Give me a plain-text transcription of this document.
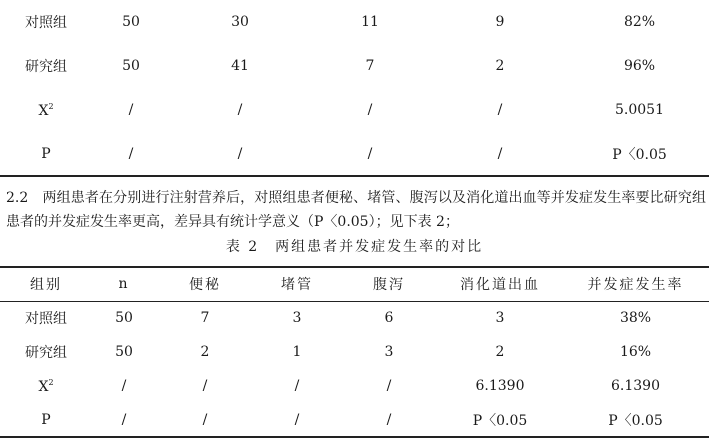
对照组	50	30	11	9	82%
研究组	50	41	7	2	96%
$X^2$	/	/	/	/	5.0051
P	/	/	/	/	P〈0.05
2.2　两组患者在分别进行注射营养后，对照组患者便秘、堵管、腹泻以及消化道出血等并发症发生率要比研究组患者的并发症发生率更高，差异具有统计学意义（P〈0.05）；见下表 2；
表 2　两组患者并发症发生率的对比
组别	n	便秘	堵管	腹泻	消化道出血	并发症发生率
对照组	50	7	3	6	3	38%
研究组	50	2	1	3	2	16%
$X^2$	/	/	/	/	6.1390	6.1390
P	/	/	/	/	P〈0.05	P〈0.05
